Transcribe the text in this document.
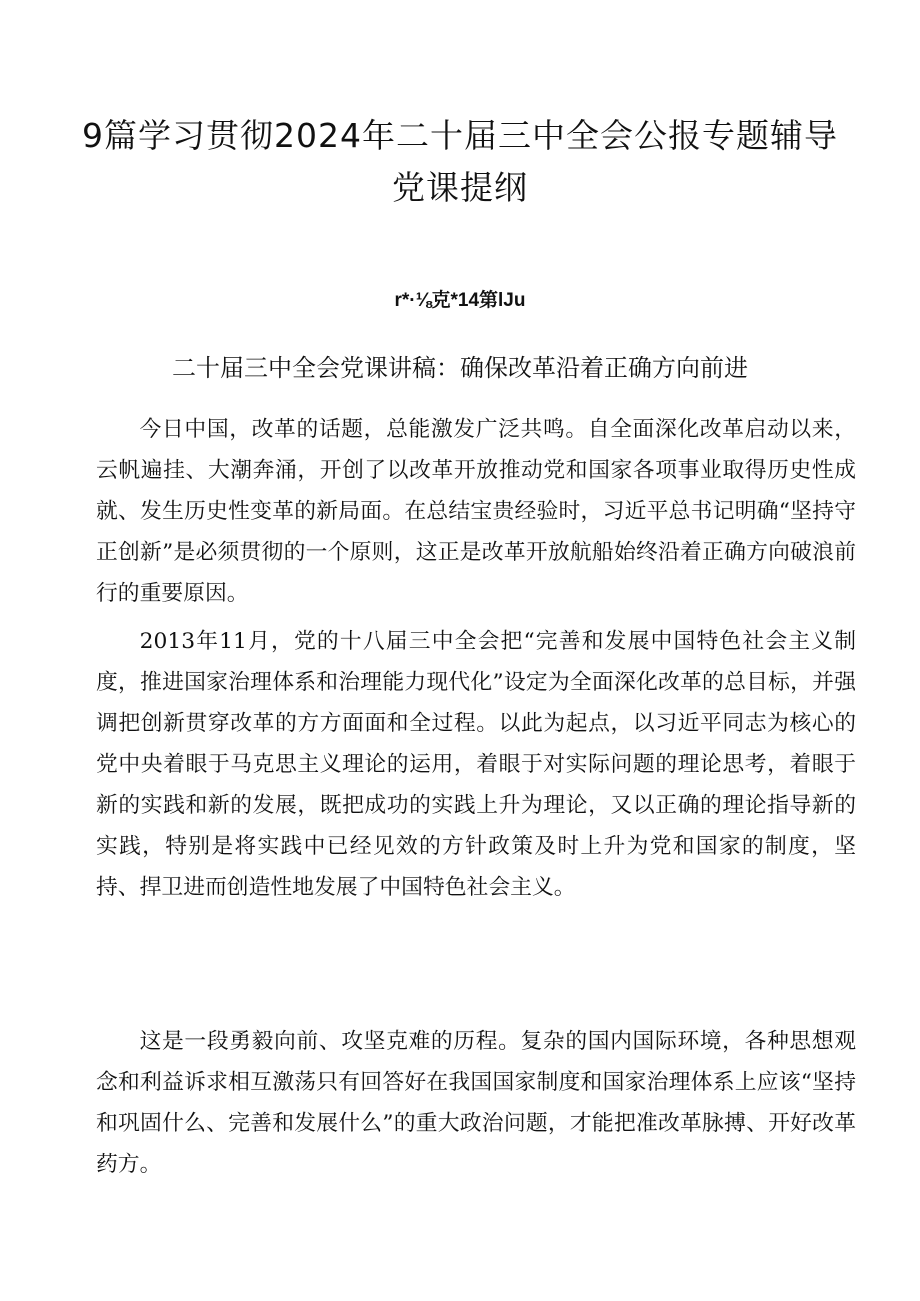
9篇学习贯彻2024年二十届三中全会公报专题辅导
党课提纲
r*·⅛克*14第lJu
二十届三中全会党课讲稿：确保改革沿着正确方向前进

今日中国，改革的话题，总能激发广泛共鸣。自全面深化改革启动以来，云帆遍挂、大潮奔涌，开创了以改革开放推动党和国家各项事业取得历史性成就、发生历史性变革的新局面。在总结宝贵经验时，习近平总书记明确“坚持守正创新”是必须贯彻的一个原则，这正是改革开放航船始终沿着正确方向破浪前行的重要原因。

2013年11月，党的十八届三中全会把“完善和发展中国特色社会主义制度，推进国家治理体系和治理能力现代化”设定为全面深化改革的总目标，并强调把创新贯穿改革的方方面面和全过程。以此为起点，以习近平同志为核心的党中央着眼于马克思主义理论的运用，着眼于对实际问题的理论思考，着眼于新的实践和新的发展，既把成功的实践上升为理论，又以正确的理论指导新的实践，特别是将实践中已经见效的方针政策及时上升为党和国家的制度，坚持、捍卫进而创造性地发展了中国特色社会主义。

这是一段勇毅向前、攻坚克难的历程。复杂的国内国际环境，各种思想观念和利益诉求相互激荡只有回答好在我国国家制度和国家治理体系上应该“坚持和巩固什么、完善和发展什么”的重大政治问题，才能把准改革脉搏、开好改革药方。
